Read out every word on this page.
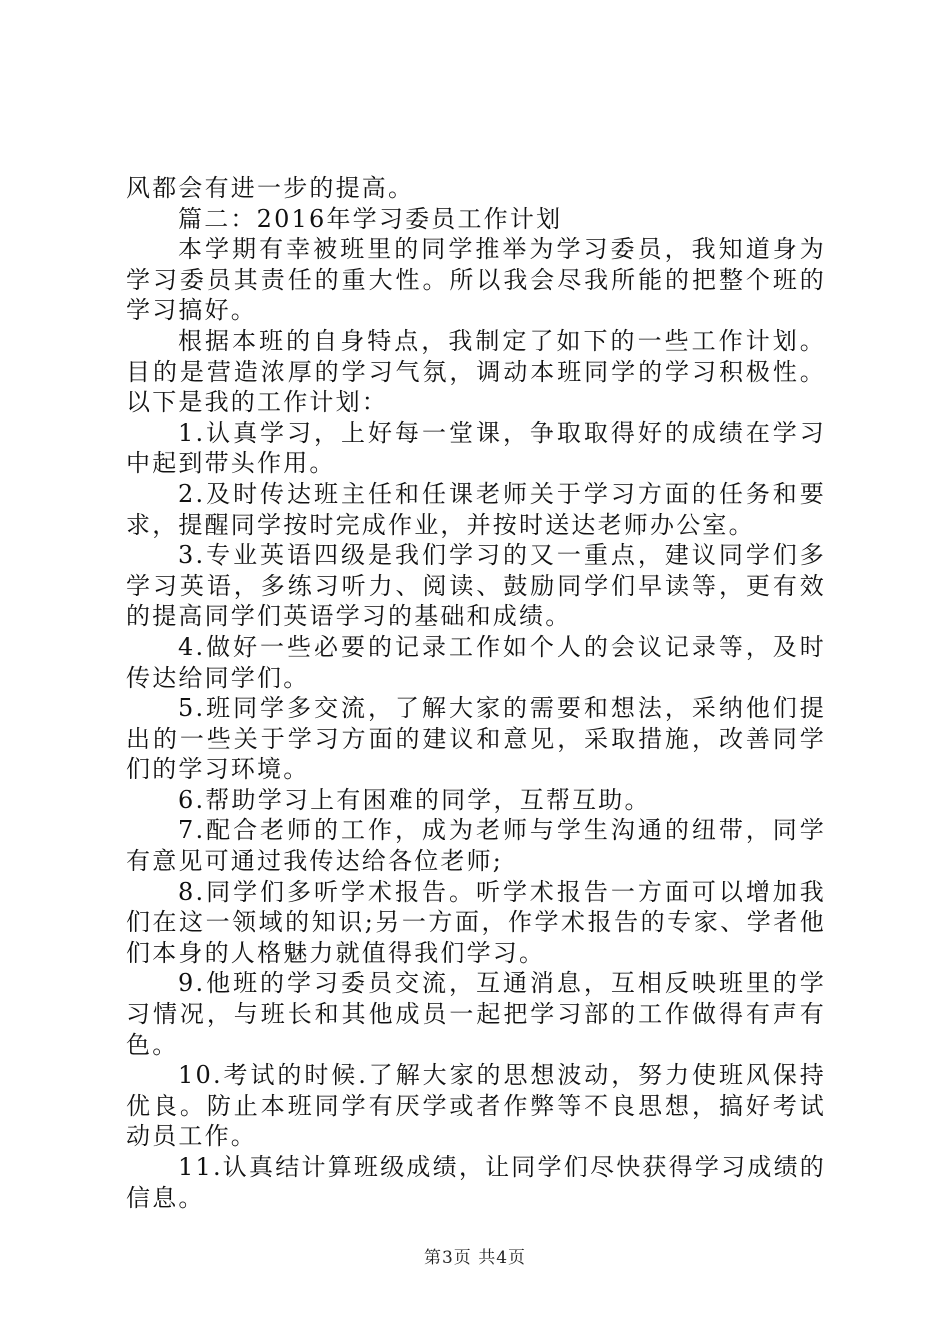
风都会有进一步的提高。

篇二：2016年学习委员工作计划

本学期有幸被班里的同学推举为学习委员，我知道身为学习委员其责任的重大性。所以我会尽我所能的把整个班的学习搞好。

根据本班的自身特点，我制定了如下的一些工作计划。目的是营造浓厚的学习气氛，调动本班同学的学习积极性。以下是我的工作计划：

1.认真学习，上好每一堂课，争取取得好的成绩在学习中起到带头作用。

2.及时传达班主任和任课老师关于学习方面的任务和要求，提醒同学按时完成作业，并按时送达老师办公室。

3.专业英语四级是我们学习的又一重点，建议同学们多学习英语，多练习听力、阅读、鼓励同学们早读等，更有效的提高同学们英语学习的基础和成绩。

4.做好一些必要的记录工作如个人的会议记录等，及时传达给同学们。

5.班同学多交流，了解大家的需要和想法，采纳他们提出的一些关于学习方面的建议和意见，采取措施，改善同学们的学习环境。

6.帮助学习上有困难的同学，互帮互助。

7.配合老师的工作，成为老师与学生沟通的纽带，同学有意见可通过我传达给各位老师;

8.同学们多听学术报告。听学术报告一方面可以增加我们在这一领域的知识;另一方面，作学术报告的专家、学者他们本身的人格魅力就值得我们学习。

9.他班的学习委员交流，互通消息，互相反映班里的学习情况，与班长和其他成员一起把学习部的工作做得有声有色。

10.考试的时候.了解大家的思想波动，努力使班风保持优良。防止本班同学有厌学或者作弊等不良思想，搞好考试动员工作。

11.认真结计算班级成绩，让同学们尽快获得学习成绩的信息。

第3页 共4页
